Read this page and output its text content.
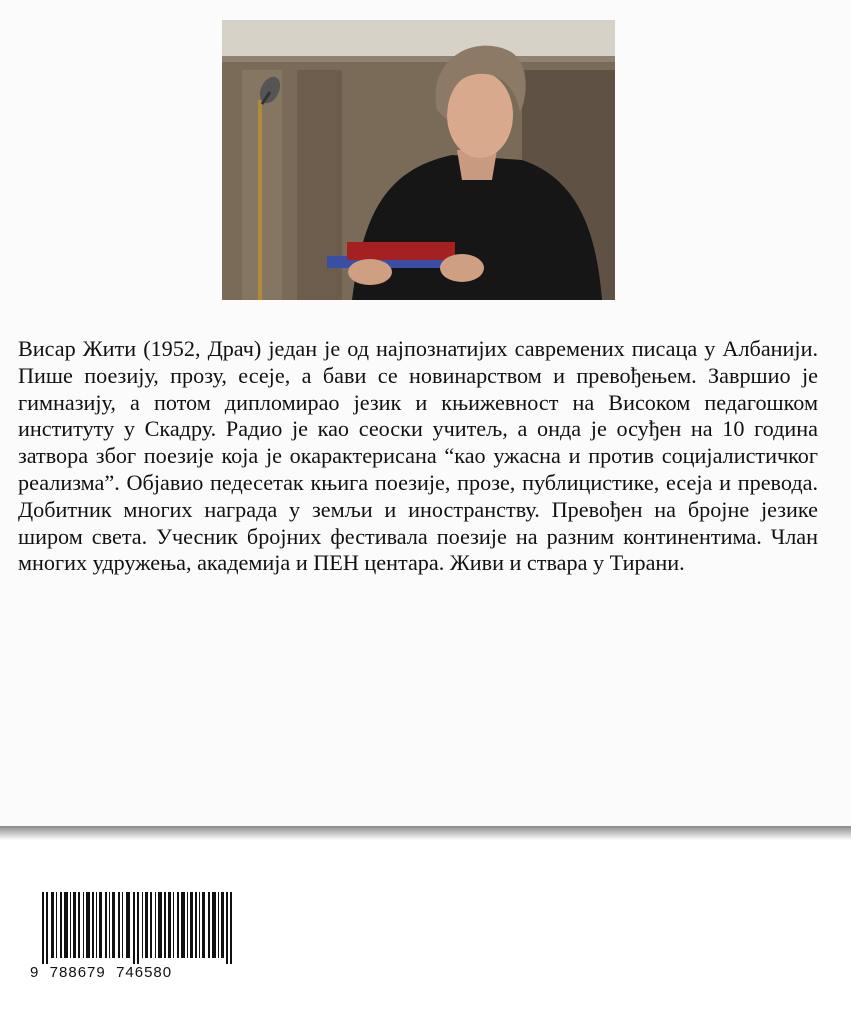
Висар Жити (1952, Драч) један је од најпознатијих савремених писаца у Албанији. Пише поезију, прозу, есеје, а бави се новинарством и превођењем. Завршио је гимназију, а потом дипломирао језик и књижевност на Високом педагошком институту у Скадру. Радио је као сеоски учитељ, а онда је осуђен на 10 година затвора због поезије која је окарактерисана “као ужасна и против социјалистичког реализма”. Објавио педесетак књига поезије, прозе, публицистике, есеја и превода. Добитник многих награда у земљи и иностранству. Превођен на бројне језике широм света. Учесник бројних фестивала поезије на разним континентима. Члан многих удружења, академија и ПЕН центара. Живи и ствара у Тирани.

9  788679  746580
